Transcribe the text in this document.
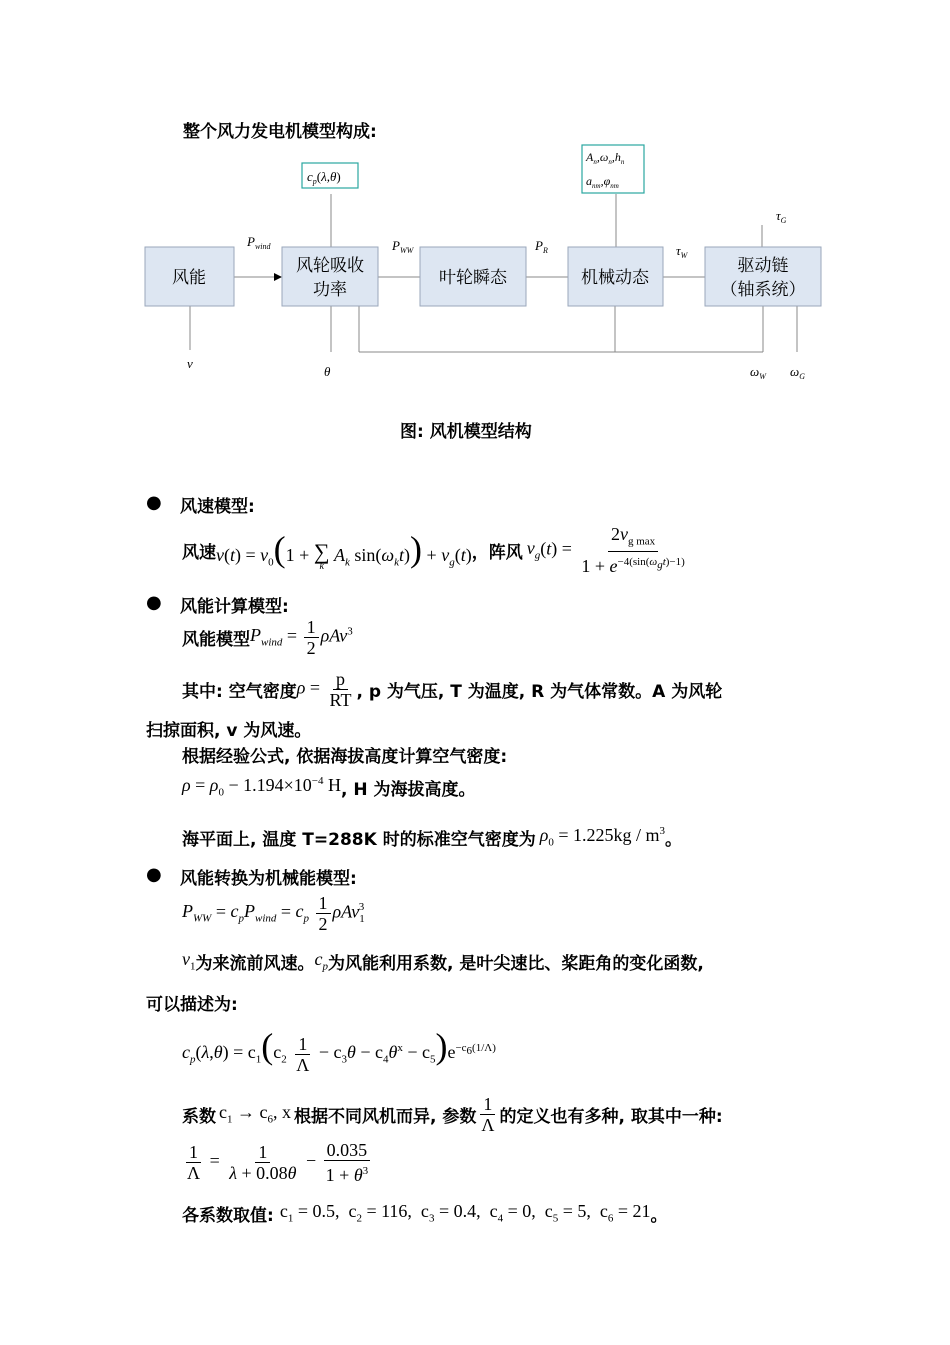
整个风力发电机模型构成:
风能
风轮吸收
功率
叶轮瞬态	机械动态
驱动链
（轴系统）
$c_p(\lambda,\theta)$
$A_n,\omega_n,h_n$
$a_{nm},\varphi_{nm}$
$P_{wind}$	$P_{WW}$	$P_R$	$\tau_W$
$\tau_G$
v
θ	$\omega_W$ $\omega_G$
图: 风机模型结构
● 风速模型:
风速 $v(t) = v_0(1$ + ∑
k
$A_k$ $\sin(\omega_kt)) + v_g(t)$ ， 阵风 $v_g(t) = \frac{2v_{g max}}{1 + e^{-4(sin(\omega_gt)-1)}}$
● 风能计算模型:
风能模型 $P_{wind} = \frac{1}{2} \rho Av^3$
其中: 空气密度 $\rho = \frac{p}{RT}$ , p 为气压, T 为温度, R 为气体常数。A 为风轮
扫掠面积, v 为风速。
根据经验公式, 依据海拔高度计算空气密度:
$\rho = \rho_0 - 1.194\times 10^{-4}$ H , H 为海拔高度。
海平面上, 温度 T=288K 时的标准空气密度为 $\rho_0 = 1.225kg / m^3$ 。
● 风能转换为机械能模型:
$P_{WW} = c_pP_{wind} = c_p \frac{1}{2} \rho Av_1^3$
$v_1$ 为来流前风速。 $c_p$ 为风能利用系数, 是叶尖速比、桨距角的变化函数,
可以描述为:
$c_p(\lambda,\theta) = c_1(c_2 \frac{1}{\Lambda} - c_3\theta - c_4\theta^x - c_5)e^{-c_6(1/\Lambda)}$
系数 $c_1 \to c_6$, x 根据不同风机而异, 参数 $\frac{1}{\Lambda}$ 的定义也有多种, 取其中一种:
$\frac{1}{\Lambda} = \frac{1}{\lambda + 0.08\theta} - \frac{0.035}{1 + \theta^3}$
各系数取值: $c_1 = 0.5$,  $c_2 = 116$,  $c_3 = 0.4$,  $c_4 = 0$,  $c_5 = 5$,  $c_6 = 21$ 。
